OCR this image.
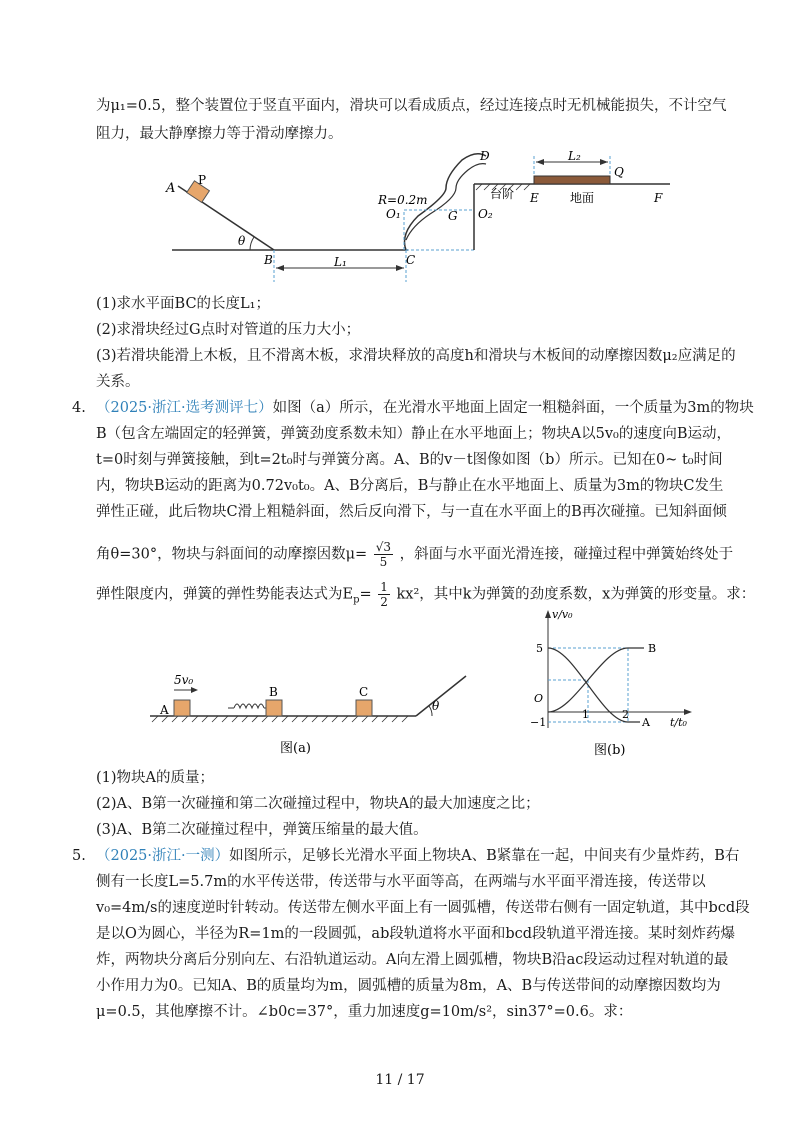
为μ₁=0.5，整个装置位于竖直平面内，滑块可以看成质点，经过连接点时无机械能损失，不计空气
阻力，最大静摩擦力等于滑动摩擦力。
A
P
θ
B	L₁	C
R=0.2m
O₁	G O₂
D
台阶 E
L₂
Q
地面	F
(1)求水平面BC的长度L₁；
(2)求滑块经过G点时对管道的压力大小；
(3)若滑块能滑上木板，且不滑离木板，求滑块释放的高度h和滑块与木板间的动摩擦因数μ₂应满足的
关系。
4. （2025·浙江·选考测评七）如图（a）所示，在光滑水平地面上固定一粗糙斜面，一个质量为3m的物块
B（包含左端固定的轻弹簧，弹簧劲度系数未知）静止在水平地面上；物块A以5v₀的速度向B运动，
t=0时刻与弹簧接触，到t=2t₀时与弹簧分离。A、B的v－t图像如图（b）所示。已知在0~ t₀时间
内，物块B运动的距离为0.72v₀t₀。A、B分离后，B与静止在水平地面上、质量为3m的物块C发生
弹性正碰，此后物块C滑上粗糙斜面，然后反向滑下，与一直在水平面上的B再次碰撞。已知斜面倾
角θ=30°，物块与斜面间的动摩擦因数$\mu= \frac{√3}{5}$ ，斜面与水平面光滑连接，碰撞过程中弹簧始终处于
弹性限度内，弹簧的弹性势能表达式为$E_p= \frac{1}{2} kx^2$，其中k为弹簧的劲度系数，x为弹簧的形变量。求：
5v₀
A
B	C
θ
图(a)
v/v₀
t/t₀
5
O
−1
1	2
B
A
图(b)
(1)物块A的质量；
(2)A、B第一次碰撞和第二次碰撞过程中，物块A的最大加速度之比；
(3)A、B第二次碰撞过程中，弹簧压缩量的最大值。
5. （2025·浙江·一测）如图所示，足够长光滑水平面上物块A、B紧靠在一起，中间夹有少量炸药，B右
侧有一长度L=5.7m的水平传送带，传送带与水平面等高，在两端与水平面平滑连接，传送带以
v₀=4m/s的速度逆时针转动。传送带左侧水平面上有一圆弧槽，传送带右侧有一固定轨道，其中bcd段
是以O为圆心，半径为R=1m的一段圆弧，ab段轨道将水平面和bcd段轨道平滑连接。某时刻炸药爆
炸，两物块分离后分别向左、右沿轨道运动。A向左滑上圆弧槽，物块B沿ac段运动过程对轨道的最
小作用力为0。已知A、B的质量均为m，圆弧槽的质量为8m，A、B与传送带间的动摩擦因数均为
μ=0.5，其他摩擦不计。∠b0c=37°，重力加速度g=10m/s²，sin37°=0.6。求：
11 / 17
